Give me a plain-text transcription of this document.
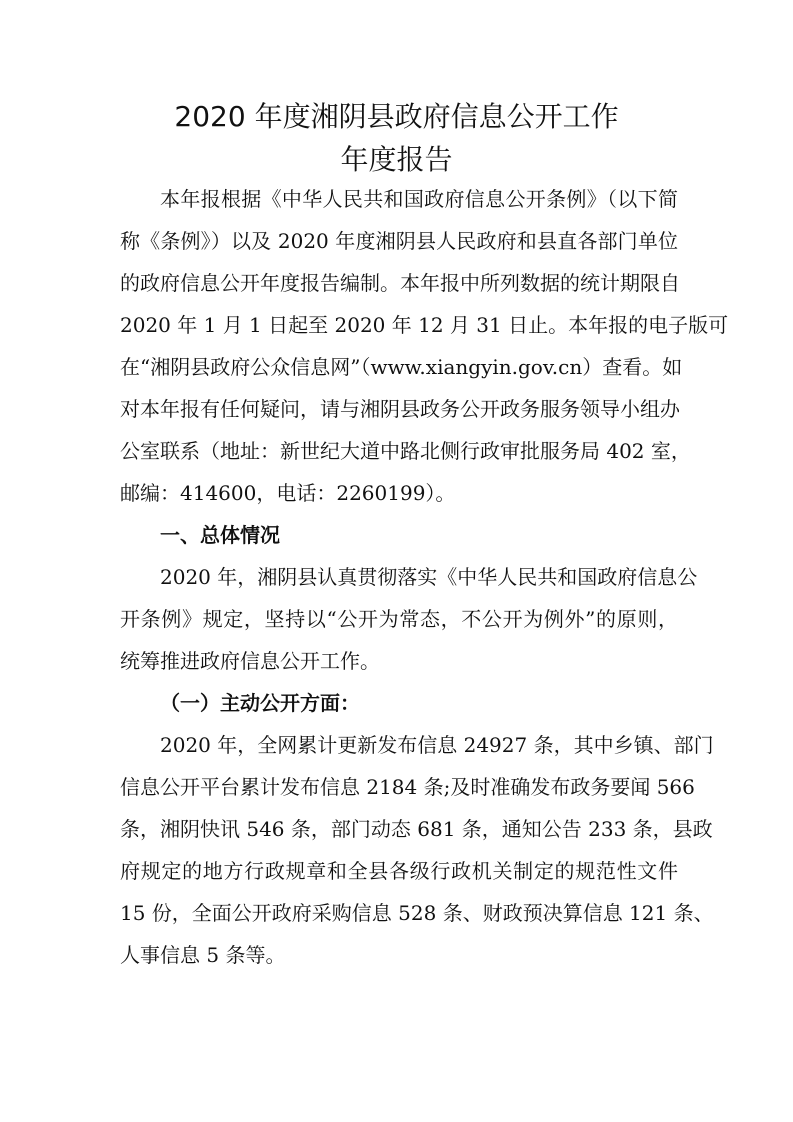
2020 年度湘阴县政府信息公开工作
年度报告
本年报根据《中华人民共和国政府信息公开条例》（以下简
称《条例》）以及 2020 年度湘阴县人民政府和县直各部门单位
的政府信息公开年度报告编制。本年报中所列数据的统计期限自
2020 年 1 月 1 日起至 2020 年 12 月 31 日止。本年报的电子版可
在“湘阴县政府公众信息网”（www.xiangyin.gov.cn）查看。如
对本年报有任何疑问，请与湘阴县政务公开政务服务领导小组办
公室联系（地址：新世纪大道中路北侧行政审批服务局 402 室，
邮编：414600，电话：2260199）。
一、总体情况
2020 年，湘阴县认真贯彻落实《中华人民共和国政府信息公
开条例》规定，坚持以“公开为常态，不公开为例外”的原则，
统筹推进政府信息公开工作。
（一）主动公开方面：
2020 年，全网累计更新发布信息 24927 条，其中乡镇、部门
信息公开平台累计发布信息 2184 条;及时准确发布政务要闻 566
条，湘阴快讯 546 条，部门动态 681 条，通知公告 233 条，县政
府规定的地方行政规章和全县各级行政机关制定的规范性文件
15 份，全面公开政府采购信息 528 条、财政预决算信息 121 条、
人事信息 5 条等。
